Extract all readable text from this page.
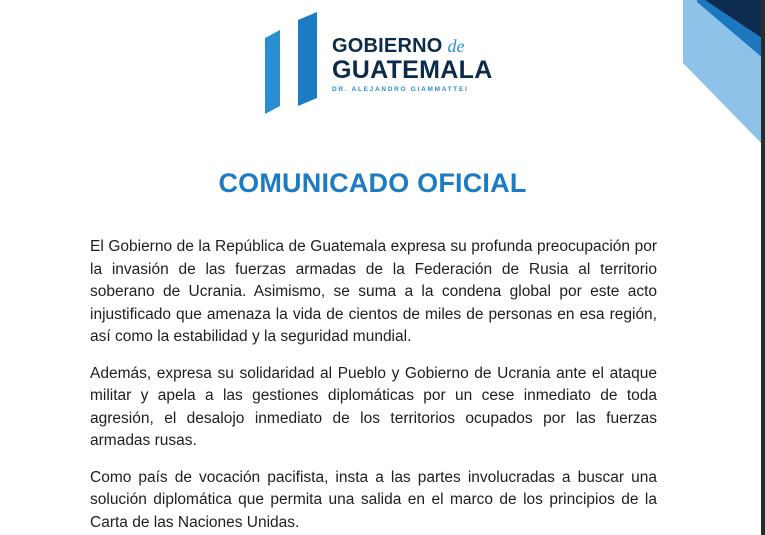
GOBIERNO de
GUATEMALA
DR. ALEJANDRO GIAMMATTEI
COMUNICADO OFICIAL

El Gobierno de la República de Guatemala expresa su profunda preocupación por la invasión de las fuerzas armadas de la Federación de Rusia al territorio soberano de Ucrania. Asimismo, se suma a la condena global por este acto injustificado que amenaza la vida de cientos de miles de personas en esa región, así como la estabilidad y la seguridad mundial.

Además, expresa su solidaridad al Pueblo y Gobierno de Ucrania ante el ataque militar y apela a las gestiones diplomáticas por un cese inmediato de toda agresión, el desalojo inmediato de los territorios ocupados por las fuerzas armadas rusas.

Como país de vocación pacifista, insta a las partes involucradas a buscar una solución diplomática que permita una salida en el marco de los principios de la Carta de las Naciones Unidas.
